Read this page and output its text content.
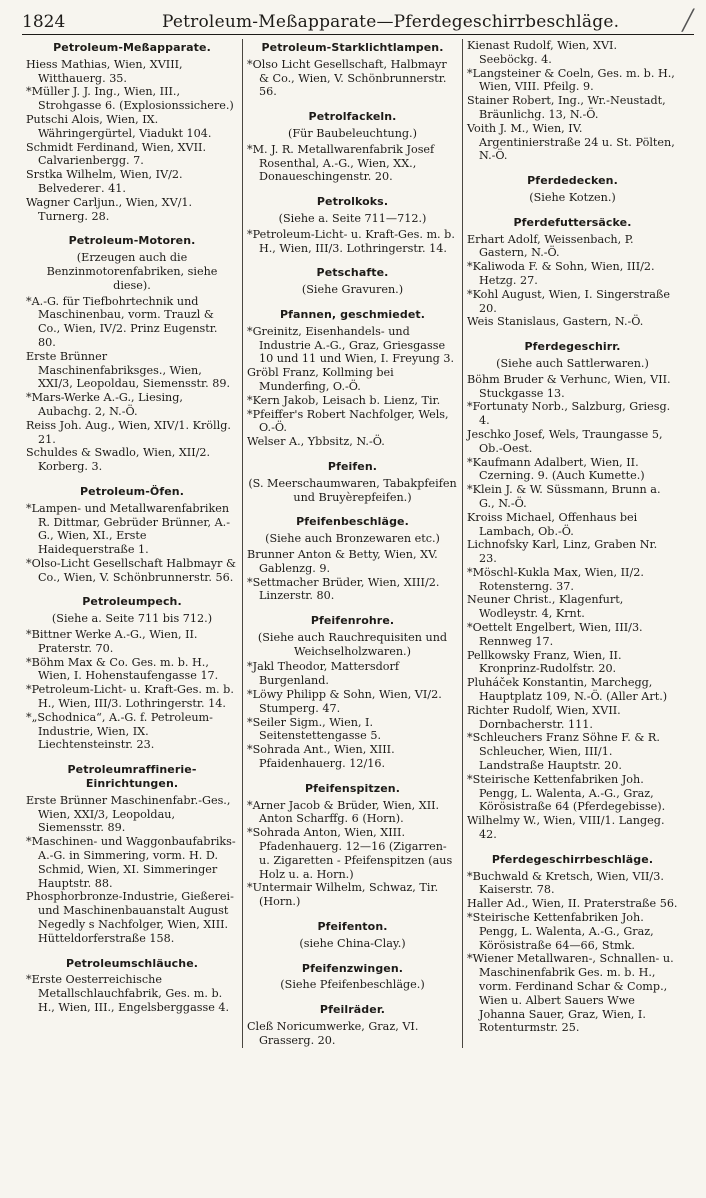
1824	Petroleum-Meßapparate—Pferdegeschirrbeschläge.	╱
Petroleum-Meßapparate.

Hiess Mathias, Wien, XVIII, Witthauerg. 35.

*Müller J. J. Ing., Wien, III., Strohgasse 6. (Explosionssichere.)

Putschi Alois, Wien, IX. Währingergürtel, Viadukt 104.

Schmidt Ferdinand, Wien, XVII. Calvarienbergg. 7.

Srstka Wilhelm, Wien, IV/2. Belvederег. 41.

Wagner Carljun., Wien, XV/1. Turnerg. 28.

Petroleum-Motoren.
(Erzeugen auch die Benzinmotorenfabriken, siehe diese).

*A.-G. für Tiefbohrtechnik und Maschinenbau, vorm. Trauzl & Co., Wien, IV/2. Prinz Eugenstr. 80.

Erste Brünner Maschinenfabriksges., Wien, XXI/3, Leopoldau, Siemensstr. 89.

*Mars-Werke A.-G., Liesing, Aubachg. 2, N.-Ö.

Reiss Joh. Aug., Wien, XIV/1. Kröllg. 21.

Schuldes & Swadlo, Wien, XII/2. Korberg. 3.

Petroleum-Öfen.

*Lampen- und Metallwarenfabriken R. Dittmar, Gebrüder Brünner, A.-G., Wien, XI., Erste Haidequerstraße 1.

*Olso-Licht Gesellschaft Halbmayr & Co., Wien, V. Schönbrunnerstr. 56.

Petroleumpech.
(Siehe a. Seite 711 bis 712.)

*Bittner Werke A.-G., Wien, II. Praterstr. 70.

*Böhm Max & Co. Ges. m. b. H., Wien, I. Hohenstaufengasse 17.

*Petroleum-Licht- u. Kraft-Ges. m. b. H., Wien, III/3. Lothringerstr. 14.

*„Schodnica“, A.-G. f. Petroleum-Industrie, Wien, IX. Liechtensteinstr. 23.

Petroleumraffinerie-Einrichtungen.

Erste Brünner Maschinenfabr.-Ges., Wien, XXI/3, Leopoldau, Siemensstr. 89.

*Maschinen- und Waggonbaufabriks-A.-G. in Simmering, vorm. H. D. Schmid, Wien, XI. Simmeringer Hauptstr. 88.

Phosphorbronze-Industrie, Gießerei- und Maschinenbauanstalt August Negedly s Nachfolger, Wien, XIII. Hütteldorferstraße 158.

Petroleumschläuche.

*Erste Oesterreichische Metallschlauchfabrik, Ges. m. b. H., Wien, III., Engelsberggasse 4.

Petroleum-Starklichtlampen.

*Olso Licht Gesellschaft, Halbmayr & Co., Wien, V. Schönbrunnerstr. 56.

Petrolfackeln.
(Für Baubeleuchtung.)

*M. J. R. Metallwarenfabrik Josef Rosenthal, A.-G., Wien, XX., Donaueschingenstr. 20.

Petrolkoks.
(Siehe a. Seite 711—712.)

*Petroleum-Licht- u. Kraft-Ges. m. b. H., Wien, III/3. Lothringerstr. 14.

Petschafte.
(Siehe Gravuren.)
Pfannen, geschmiedet.

*Greinitz, Eisenhandels- und Industrie A.-G., Graz, Griesgasse 10 und 11 und Wien, I. Freyung 3.

Gröbl Franz, Kollming bei Munderfing, O.-Ö.

*Kern Jakob, Leisach b. Lienz, Tir.

*Pfeiffer's Robert Nachfolger, Wels, O.-Ö.

Welser A., Ybbsitz, N.-Ö.

Pfeifen.
(S. Meerschaumwaren, Tabakpfeifen und Bruyèrepfeifen.)
Pfeifenbeschläge.
(Siehe auch Bronzewaren etc.)

Brunner Anton & Betty, Wien, XV. Gablenzg. 9.

*Settmacher Brüder, Wien, XIII/2. Linzerstr. 80.

Pfeifenrohre.
(Siehe auch Rauchrequisiten und Weichselholzwaren.)

*Jakl Theodor, Mattersdorf Burgenland.

*Löwy Philipp & Sohn, Wien, VI/2. Stumperg. 47.

*Seiler Sigm., Wien, I. Seitenstettengasse 5.

*Sohrada Ant., Wien, XIII. Pfaidenhauerg. 12/16.

Pfeifenspitzen.

*Arner Jacob & Brüder, Wien, XII. Anton Scharffg. 6 (Horn).

*Sohrada Anton, Wien, XIII. Pfadenhauerg. 12—16 (Zigarren- u. Zigaretten - Pfeifenspitzen (aus Holz u. a. Horn.)

*Untermair Wilhelm, Schwaz, Tir. (Horn.)

Pfeifenton.
(siehe China-Clay.)
Pfeifenzwingen.
(Siehe Pfeifenbeschläge.)
Pfeilräder.

Cleß Noricumwerke, Graz, VI. Grasserg. 20.

Kienast Rudolf, Wien, XVI. Seeböckg. 4.

*Langsteiner & Coeln, Ges. m. b. H., Wien, VIII. Pfeilg. 9.

Stainer Robert, Ing., Wr.-Neustadt, Bräunlichg. 13, N.-Ö.

Voith J. M., Wien, IV. Argentinierstraße 24 u. St. Pölten, N.-Ö.

Pferdedecken.
(Siehe Kotzen.)
Pferdefuttersäcke.

Erhart Adolf, Weissenbach, P. Gastern, N.-Ö.

*Kaliwoda F. & Sohn, Wien, III/2. Hetzg. 27.

*Kohl August, Wien, I. Singerstraße 20.

Weis Stanislaus, Gastern, N.-Ö.

Pferdegeschirr.
(Siehe auch Sattlerwaren.)

Böhm Bruder & Verhunc, Wien, VII. Stuckgasse 13.

*Fortunaty Norb., Salzburg, Griesg. 4.

Jeschko Josef, Wels, Traungasse 5, Ob.-Oest.

*Kaufmann Adalbert, Wien, II. Czerning. 9. (Auch Kumette.)

*Klein J. & W. Süssmann, Brunn a. G., N.-Ö.

Kroiss Michael, Offenhaus bei Lambach, Ob.-Ö.

Lichnofsky Karl, Linz, Graben Nr. 23.

*Möschl-Kukla Max, Wien, II/2. Rotensterng. 37.

Neuner Christ., Klagenfurt, Wodleystr. 4, Krnt.

*Oettelt Engelbert, Wien, III/3. Rennweg 17.

Pellkowsky Franz, Wien, II. Kronprinz-Rudolfstr. 20.

Pluháček Konstantin, Marchegg, Hauptplatz 109, N.-Ö. (Aller Art.)

Richter Rudolf, Wien, XVII. Dornbacherstr. 111.

*Schleuchers Franz Söhne F. & R. Schleucher, Wien, III/1. Landstraße Hauptstr. 20.

*Steirische Kettenfabriken Joh. Pengg, L. Walenta, A.-G., Graz, Körösistraße 64 (Pferdegebisse).

Wilhelmy W., Wien, VIII/1. Langeg. 42.

Pferdegeschirrbeschläge.

*Buchwald & Kretsch, Wien, VII/3. Kaiserstr. 78.

Haller Ad., Wien, II. Praterstraße 56.

*Steirische Kettenfabriken Joh. Pengg, L. Walenta, A.-G., Graz, Körösistraße 64—66, Stmk.

*Wiener Metallwaren-, Schnallen- u. Maschinenfabrik Ges. m. b. H., vorm. Ferdinand Schar & Comp., Wien u. Albert Sauers Wwe Johanna Sauer, Graz, Wien, I. Rotenturmstr. 25.
